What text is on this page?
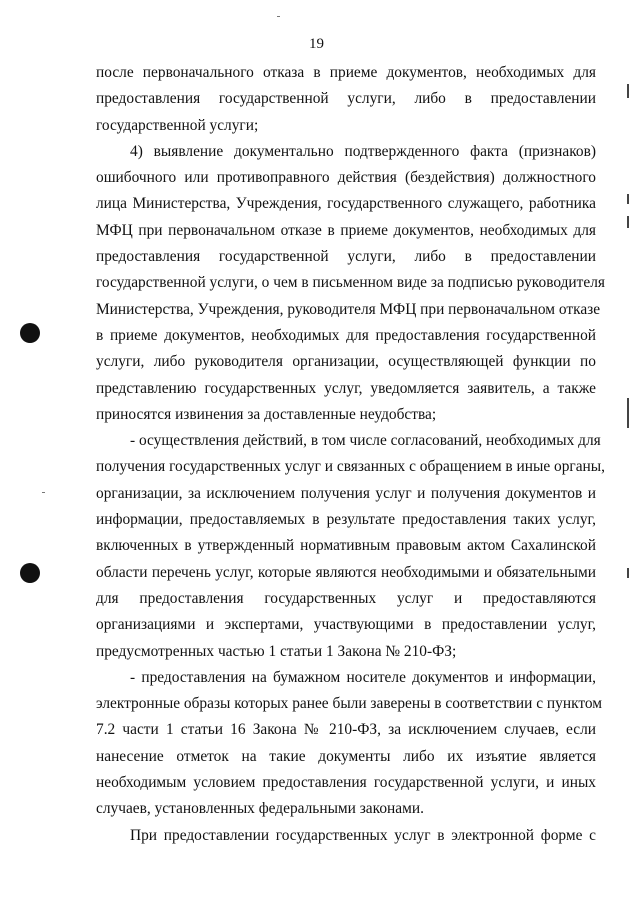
19
после первоначального отказа в приеме документов, необходимых для
предоставления государственной услуги, либо в предоставлении
государственной услуги;
4) выявление документально подтвержденного факта (признаков)
ошибочного или противоправного действия (бездействия) должностного
лица Министерства, Учреждения, государственного служащего, работника
МФЦ при первоначальном отказе в приеме документов, необходимых для
предоставления государственной услуги, либо в предоставлении
государственной услуги, о чем в письменном виде за подписью руководителя
Министерства, Учреждения, руководителя МФЦ при первоначальном отказе
в приеме документов, необходимых для предоставления государственной
услуги, либо руководителя организации, осуществляющей функции по
представлению государственных услуг, уведомляется заявитель, а также
приносятся извинения за доставленные неудобства;
- осуществления действий, в том числе согласований, необходимых для
получения государственных услуг и связанных с обращением в иные органы,
организации, за исключением получения услуг и получения документов и
информации, предоставляемых в результате предоставления таких услуг,
включенных в утвержденный нормативным правовым актом Сахалинской
области перечень услуг, которые являются необходимыми и обязательными
для предоставления государственных услуг и предоставляются
организациями и экспертами, участвующими в предоставлении услуг,
предусмотренных частью 1 статьи 1 Закона № 210-ФЗ;
- предоставления на бумажном носителе документов и информации,
электронные образы которых ранее были заверены в соответствии с пунктом
7.2 части 1 статьи 16 Закона № 210-ФЗ, за исключением случаев, если
нанесение отметок на такие документы либо их изъятие является
необходимым условием предоставления государственной услуги, и иных
случаев, установленных федеральными законами.
При предоставлении государственных услуг в электронной форме с
